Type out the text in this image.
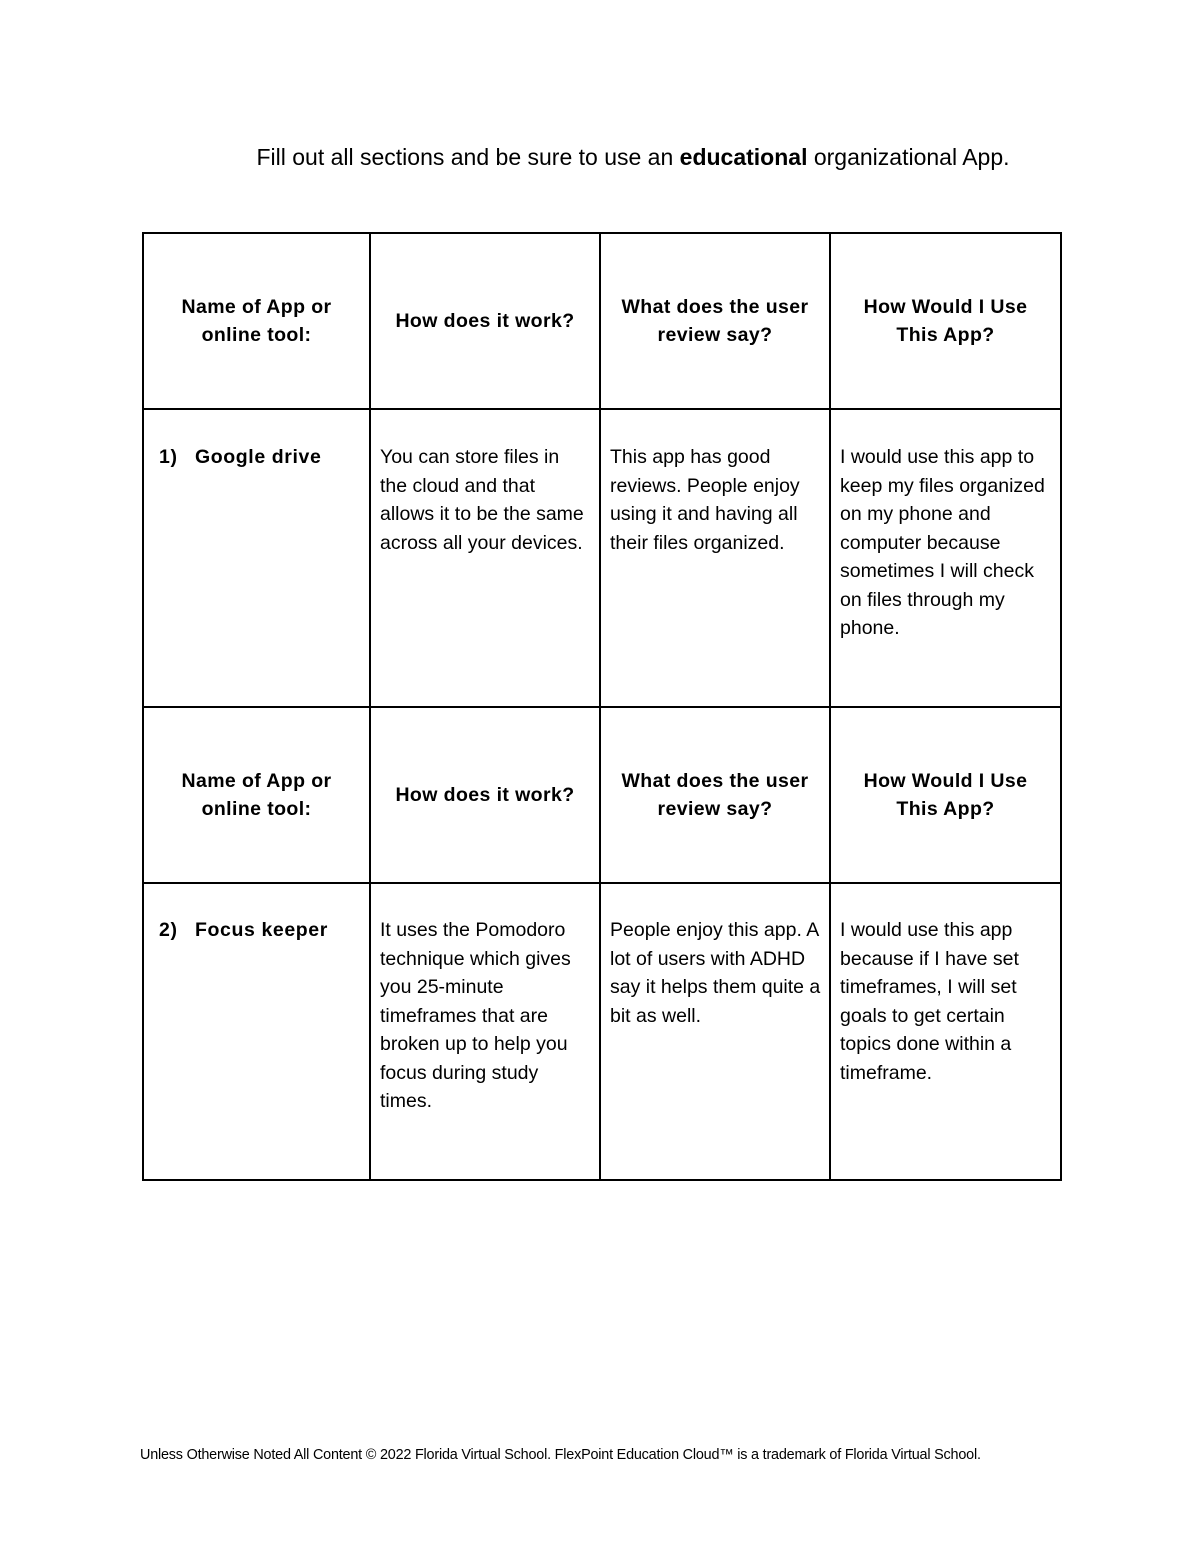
Fill out all sections and be sure to use an educational organizational App.
Name of App or online tool:	How does it work?	What does the user review say?	How Would I Use This App?

1) Google drive	You can store files in the cloud and that allows it to be the same across all your devices.	This app has good reviews. People enjoy using it and having all their files organized.	I would use this app to keep my files organized on my phone and computer because sometimes I will check on files through my phone.

Name of App or online tool:	How does it work?	What does the user review say?	How Would I Use This App?

2) Focus keeper	It uses the Pomodoro technique which gives you 25-minute timeframes that are broken up to help you focus during study times.	People enjoy this app. A lot of users with ADHD say it helps them quite a bit as well.	I would use this app because if I have set timeframes, I will set goals to get certain topics done within a timeframe.
Unless Otherwise Noted All Content © 2022 Florida Virtual School. FlexPoint Education Cloud™ is a trademark of Florida Virtual School.
